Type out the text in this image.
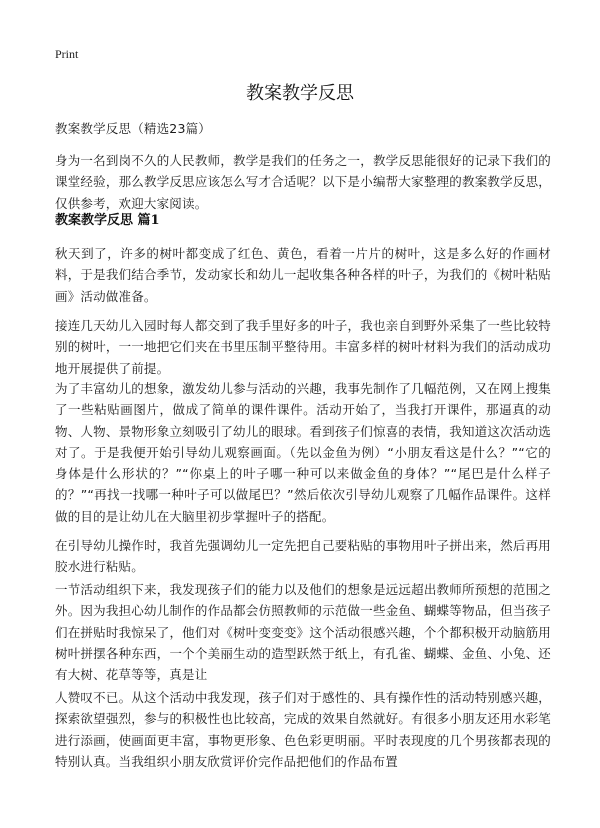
Print
教案教学反思

教案教学反思（精选23篇）

身为一名到岗不久的人民教师，教学是我们的任务之一，教学反思能很好的记录下我们的课堂经验，那么教学反思应该怎么写才合适呢？以下是小编帮大家整理的教案教学反思，仅供参考，欢迎大家阅读。

教案教学反思 篇1

秋天到了，许多的树叶都变成了红色、黄色，看着一片片的树叶，这是多么好的作画材料，于是我们结合季节，发动家长和幼儿一起收集各种各样的叶子，为我们的《树叶粘贴画》活动做准备。

接连几天幼儿入园时每人都交到了我手里好多的叶子，我也亲自到野外采集了一些比较特别的树叶，一一地把它们夹在书里压制平整待用。丰富多样的树叶材料为我们的活动成功地开展提供了前提。

为了丰富幼儿的想象，激发幼儿参与活动的兴趣，我事先制作了几幅范例，又在网上搜集了一些粘贴画图片，做成了简单的课件课件。活动开始了，当我打开课件，那逼真的动物、人物、景物形象立刻吸引了幼儿的眼球。看到孩子们惊喜的表情，我知道这次活动选对了。于是我便开始引导幼儿观察画面。（先以金鱼为例）“小朋友看这是什么？”“它的身体是什么形状的？”“你桌上的叶子哪一种可以来做金鱼的身体？”“尾巴是什么样子的？”“再找一找哪一种叶子可以做尾巴？”然后依次引导幼儿观察了几幅作品课件。这样做的目的是让幼儿在大脑里初步掌握叶子的搭配。

在引导幼儿操作时，我首先强调幼儿一定先把自己要粘贴的事物用叶子拼出来，然后再用胶水进行粘贴。

一节活动组织下来，我发现孩子们的能力以及他们的想象是远远超出教师所预想的范围之外。因为我担心幼儿制作的作品都会仿照教师的示范做一些金鱼、蝴蝶等物品，但当孩子们在拼贴时我惊呆了，他们对《树叶变变变》这个活动很感兴趣，个个都积极开动脑筋用树叶拼摆各种东西，一个个美丽生动的造型跃然于纸上，有孔雀、蝴蝶、金鱼、小兔、还有大树、花草等等，真是让

人赞叹不已。从这个活动中我发现，孩子们对于感性的、具有操作性的活动特别感兴趣，探索欲望强烈，参与的积极性也比较高，完成的效果自然就好。有很多小朋友还用水彩笔进行添画，使画面更丰富，事物更形象、色色彩更明丽。平时表现度的几个男孩都表现的特别认真。当我组织小朋友欣赏评价完作品把他们的作品布置
